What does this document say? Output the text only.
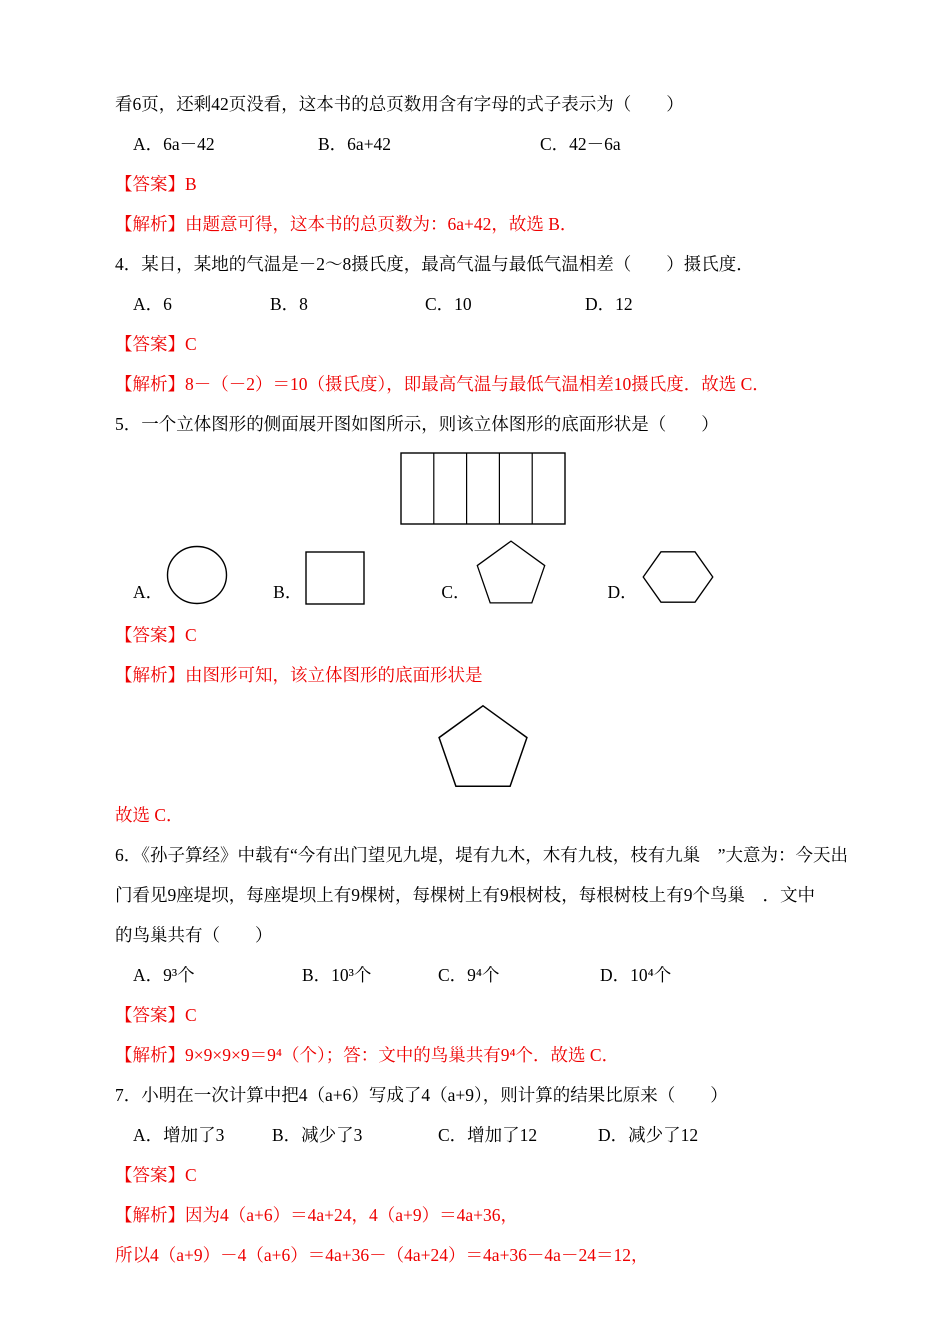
看6页，还剩42页没看，这本书的总页数用含有字母的式子表示为（　　）

A．6a－42	B．6a+42	C．42－6a

【答案】B

【解析】由题意可得，这本书的总页数为：6a+42，故选 B．

4．某日，某地的气温是－2～8摄氏度，最高气温与最低气温相差（　　）摄氏度．

A．6	B．8	C．10	D．12

【答案】C

【解析】8－（－2）＝10（摄氏度），即最高气温与最低气温相差10摄氏度．故选 C．

5．一个立体图形的侧面展开图如图所示，则该立体图形的底面形状是（　　）

A．	B．	C．	D．

【答案】C

【解析】由图形可知，该立体图形的底面形状是

故选 C．

6．《孙子算经》中载有“今有出门望见九堤，堤有九木，木有九枝，枝有九巢　”大意为：今天出

门看见9座堤坝，每座堤坝上有9棵树，每棵树上有9根树枝，每根树枝上有9个鸟巢　．文中

的鸟巢共有（　　）

A．9³个	B．10³个	C．9⁴个	D．10⁴个

【答案】C

【解析】9×9×9×9＝9⁴（个）；答：文中的鸟巢共有9⁴个．故选 C．

7．小明在一次计算中把4（a+6）写成了4（a+9），则计算的结果比原来（　　）

A．增加了3	B．减少了3	C．增加了12	D．减少了12

【答案】C

【解析】因为4（a+6）＝4a+24，4（a+9）＝4a+36，

所以4（a+9）－4（a+6）＝4a+36－（4a+24）＝4a+36－4a－24＝12，
